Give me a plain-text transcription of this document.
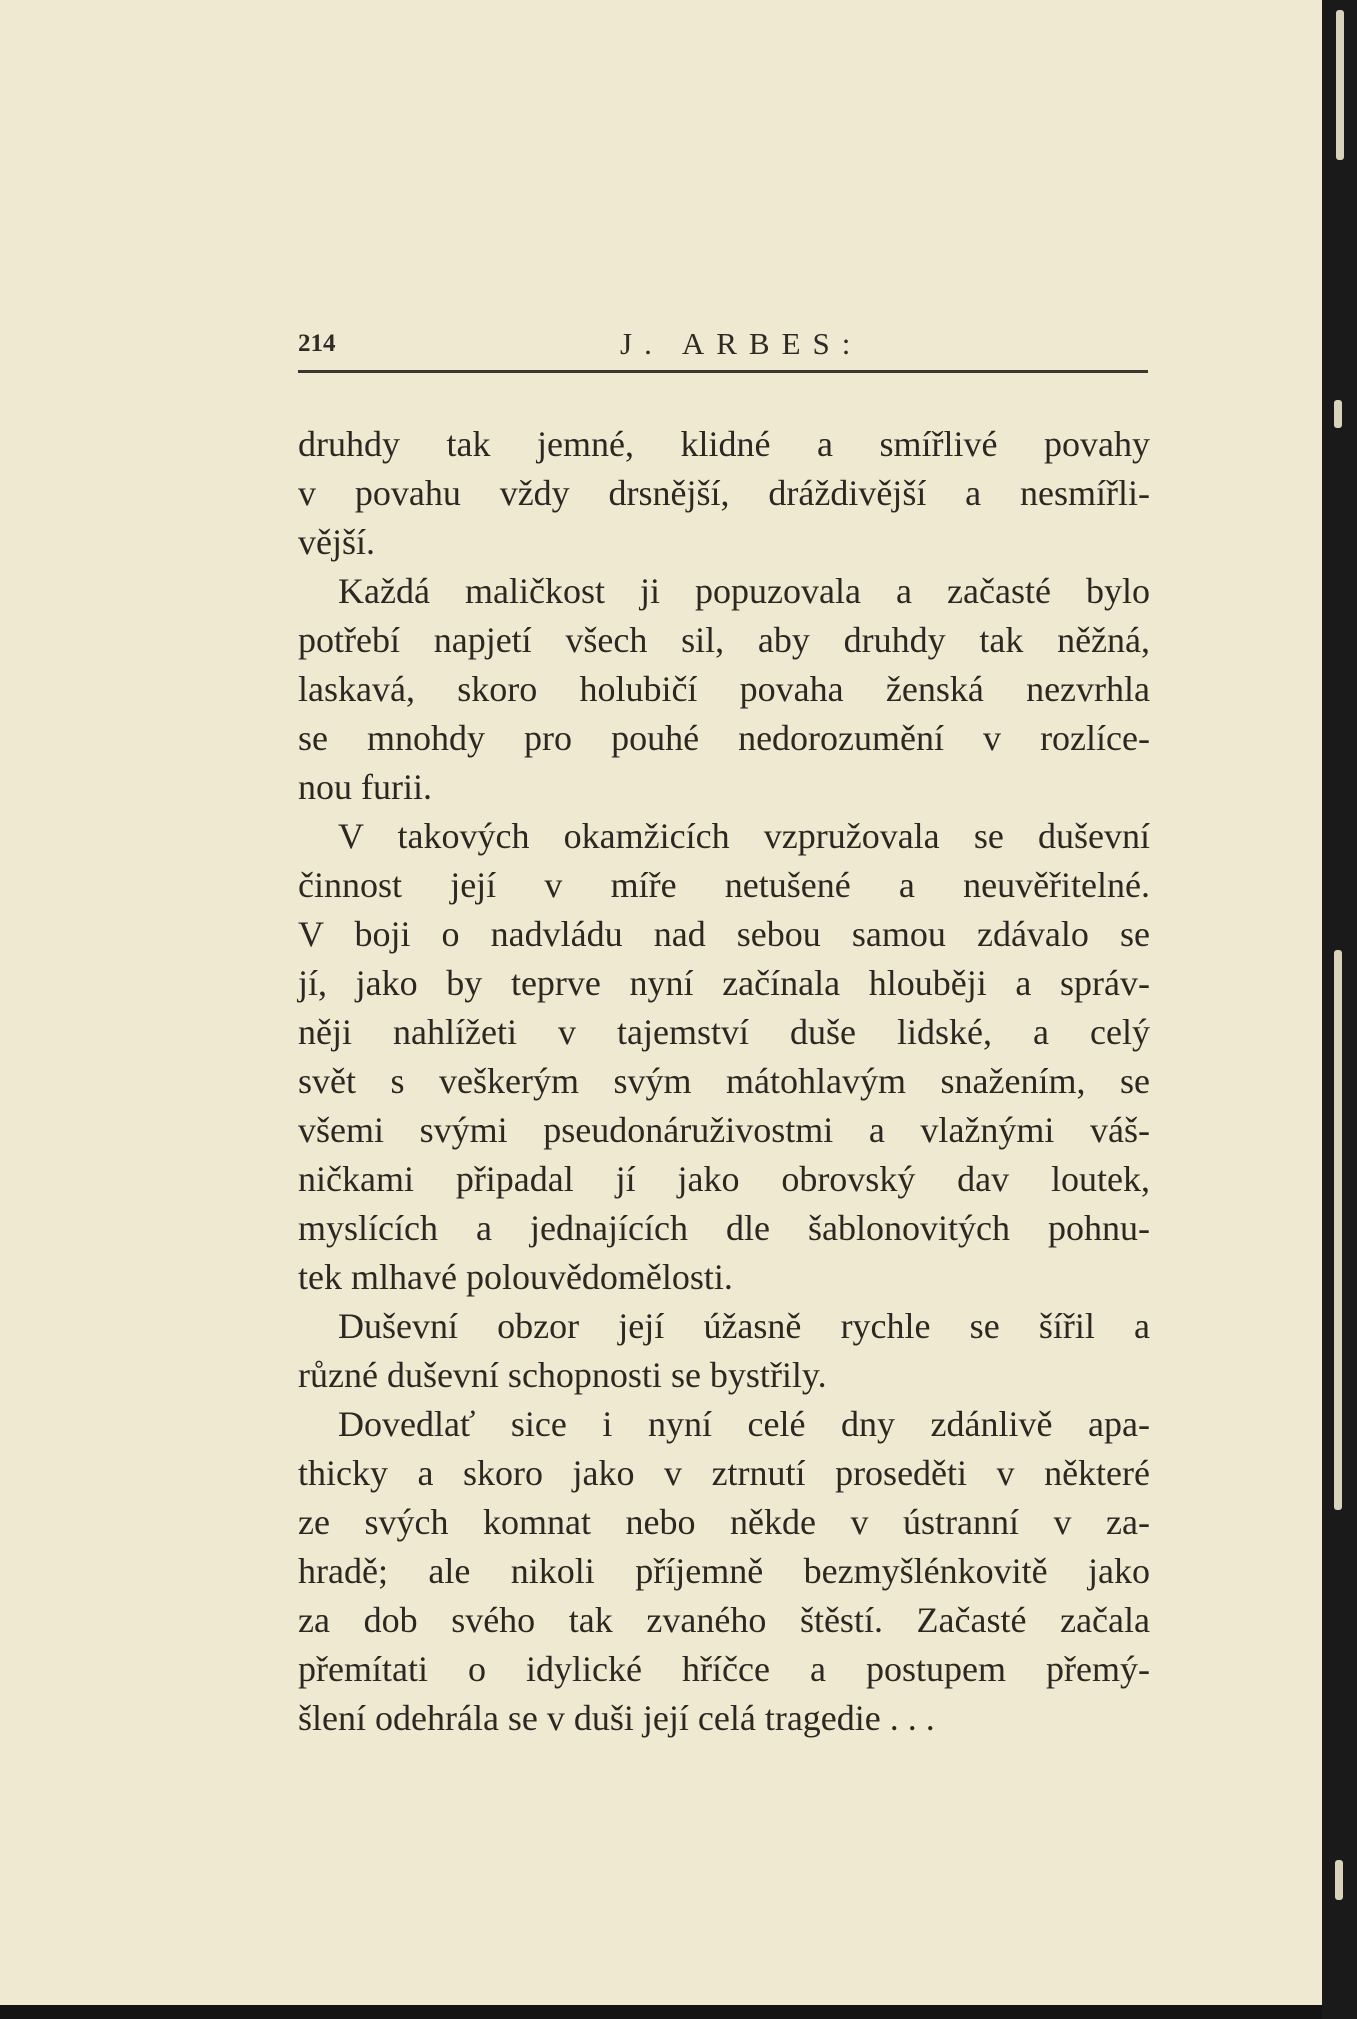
214	J. ARBES:
druhdy tak jemné, klidné a smířlivé povahy
v povahu vždy drsnější, dráždivější a nesmířli-
vější.
Každá maličkost ji popuzovala a začasté bylo
potřebí napjetí všech sil, aby druhdy tak něžná,
laskavá, skoro holubičí povaha ženská nezvrhla
se mnohdy pro pouhé nedorozumění v rozlíce-
nou furii.
V takových okamžicích vzpružovala se duševní
činnost její v míře netušené a neuvěřitelné.
V boji o nadvládu nad sebou samou zdávalo se
jí, jako by teprve nyní začínala hlouběji a správ-
něji nahlížeti v tajemství duše lidské, a celý
svět s veškerým svým mátohlavým snažením, se
všemi svými pseudonáruživostmi a vlažnými váš-
ničkami připadal jí jako obrovský dav loutek,
myslících a jednajících dle šablonovitých pohnu-
tek mlhavé polouvědomělosti.
Duševní obzor její úžasně rychle se šířil a
různé duševní schopnosti se bystřily.
Dovedlať sice i nyní celé dny zdánlivě apa-
thicky a skoro jako v ztrnutí proseděti v některé
ze svých komnat nebo někde v ústranní v za-
hradě; ale nikoli příjemně bezmyšlénkovitě jako
za dob svého tak zvaného štěstí. Začasté začala
přemítati o idylické hříčce a postupem přemý-
šlení odehrála se v duši její celá tragedie . . .
